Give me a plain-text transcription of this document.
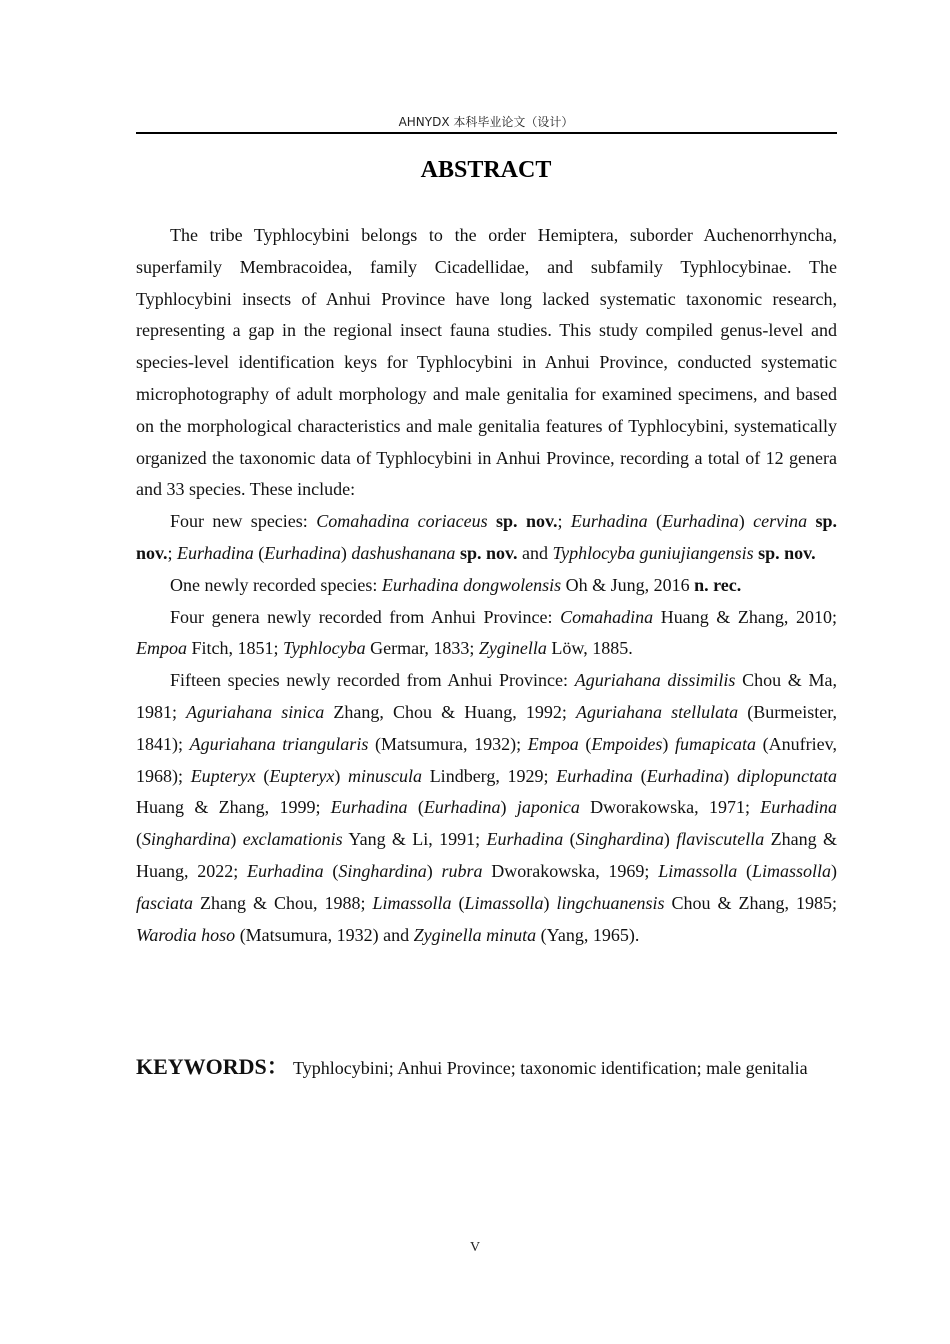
AHNYDX 本科毕业论文（设计）
ABSTRACT

The tribe Typhlocybini belongs to the order Hemiptera, suborder Auchenorrhyncha, superfamily Membracoidea, family Cicadellidae, and subfamily Typhlocybinae. The Typhlocybini insects of Anhui Province have long lacked systematic taxonomic research, representing a gap in the regional insect fauna studies. This study compiled genus-level and species-level identification keys for Typhlocybini in Anhui Province, conducted systematic microphotography of adult morphology and male genitalia for examined specimens, and based on the morphological characteristics and male genitalia features of Typhlocybini, systematically organized the taxonomic data of Typhlocybini in Anhui Province, recording a total of 12 genera and 33 species. These include:

Four new species: Comahadina coriaceus sp. nov.; Eurhadina (Eurhadina) cervina sp. nov.; Eurhadina (Eurhadina) dashushanana sp. nov. and Typhlocyba guniujiangensis sp. nov.

One newly recorded species: Eurhadina dongwolensis Oh & Jung, 2016 n. rec.

Four genera newly recorded from Anhui Province: Comahadina Huang & Zhang, 2010; Empoa Fitch, 1851; Typhlocyba Germar, 1833; Zyginella Löw, 1885.

Fifteen species newly recorded from Anhui Province: Aguriahana dissimilis Chou & Ma, 1981; Aguriahana sinica Zhang, Chou & Huang, 1992; Aguriahana stellulata (Burmeister, 1841); Aguriahana triangularis (Matsumura, 1932); Empoa (Empoides) fumapicata (Anufriev, 1968); Eupteryx (Eupteryx) minuscula Lindberg, 1929; Eurhadina (Eurhadina) diplopunctata Huang & Zhang, 1999; Eurhadina (Eurhadina) japonica Dworakowska, 1971; Eurhadina (Singhardina) exclamationis Yang & Li, 1991; Eurhadina (Singhardina) flaviscutella Zhang & Huang, 2022; Eurhadina (Singhardina) rubra Dworakowska, 1969; Limassolla (Limassolla) fasciata Zhang & Chou, 1988; Limassolla (Limassolla) lingchuanensis Chou & Zhang, 1985; Warodia hoso (Matsumura, 1932) and Zyginella minuta (Yang, 1965).

KEYWORDS： Typhlocybini; Anhui Province; taxonomic identification; male genitalia
V
